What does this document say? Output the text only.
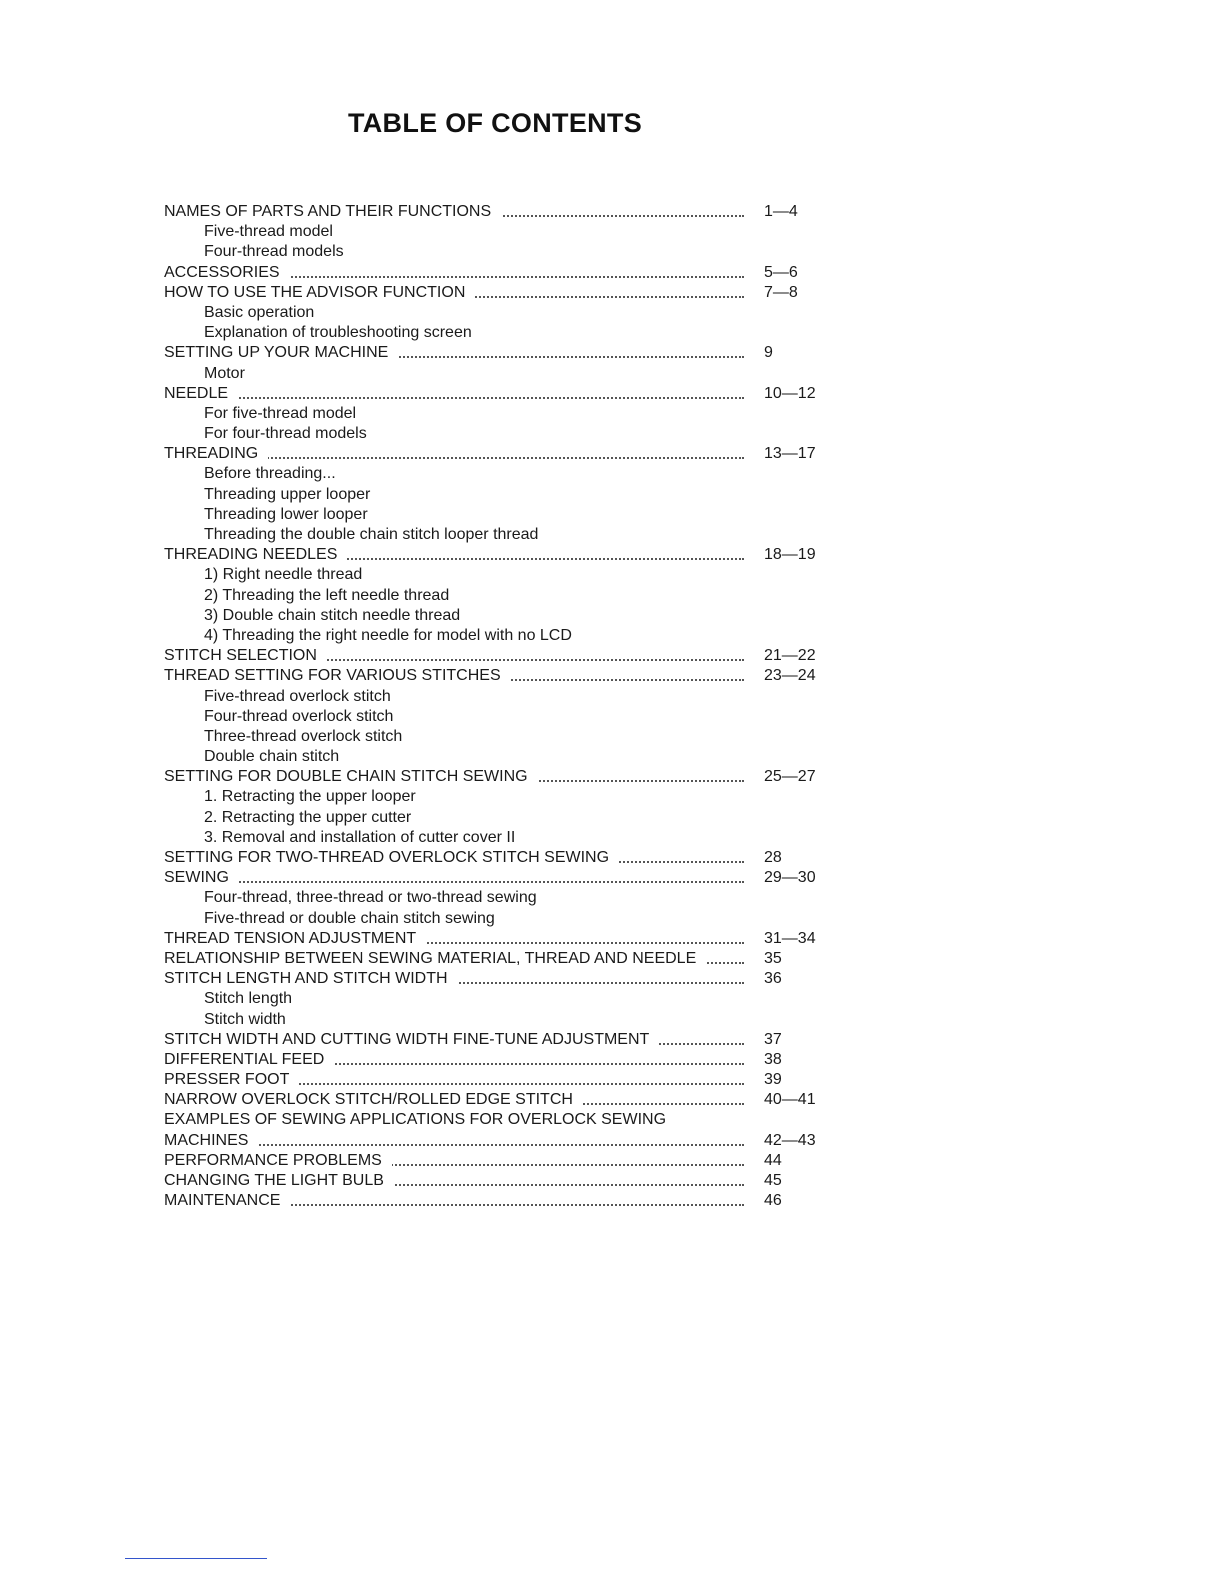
TABLE OF CONTENTS
NAMES OF PARTS AND THEIR FUNCTIONS	1—4
Five-thread model
Four-thread models
ACCESSORIES	5—6
HOW TO USE THE ADVISOR FUNCTION	7—8
Basic operation
Explanation of troubleshooting screen
SETTING UP YOUR MACHINE	9
Motor
NEEDLE	10—12
For five-thread model
For four-thread models
THREADING	13—17
Before threading...
Threading upper looper
Threading lower looper
Threading the double chain stitch looper thread
THREADING NEEDLES	18—19
1) Right needle thread
2) Threading the left needle thread
3) Double chain stitch needle thread
4) Threading the right needle for model with no LCD
STITCH SELECTION	21—22
THREAD SETTING FOR VARIOUS STITCHES	23—24
Five-thread overlock stitch
Four-thread overlock stitch
Three-thread overlock stitch
Double chain stitch
SETTING FOR DOUBLE CHAIN STITCH SEWING	25—27
1. Retracting the upper looper
2. Retracting the upper cutter
3. Removal and installation of cutter cover II
SETTING FOR TWO-THREAD OVERLOCK STITCH SEWING	28
SEWING	29—30
Four-thread, three-thread or two-thread sewing
Five-thread or double chain stitch sewing
THREAD TENSION ADJUSTMENT	31—34
RELATIONSHIP BETWEEN SEWING MATERIAL, THREAD AND NEEDLE	35
STITCH LENGTH AND STITCH WIDTH	36
Stitch length
Stitch width
STITCH WIDTH AND CUTTING WIDTH FINE-TUNE ADJUSTMENT	37
DIFFERENTIAL FEED	38
PRESSER FOOT	39
NARROW OVERLOCK STITCH/ROLLED EDGE STITCH	40—41
EXAMPLES OF SEWING APPLICATIONS FOR OVERLOCK SEWING
MACHINES	42—43
PERFORMANCE PROBLEMS	44
CHANGING THE LIGHT BULB	45
MAINTENANCE	46
